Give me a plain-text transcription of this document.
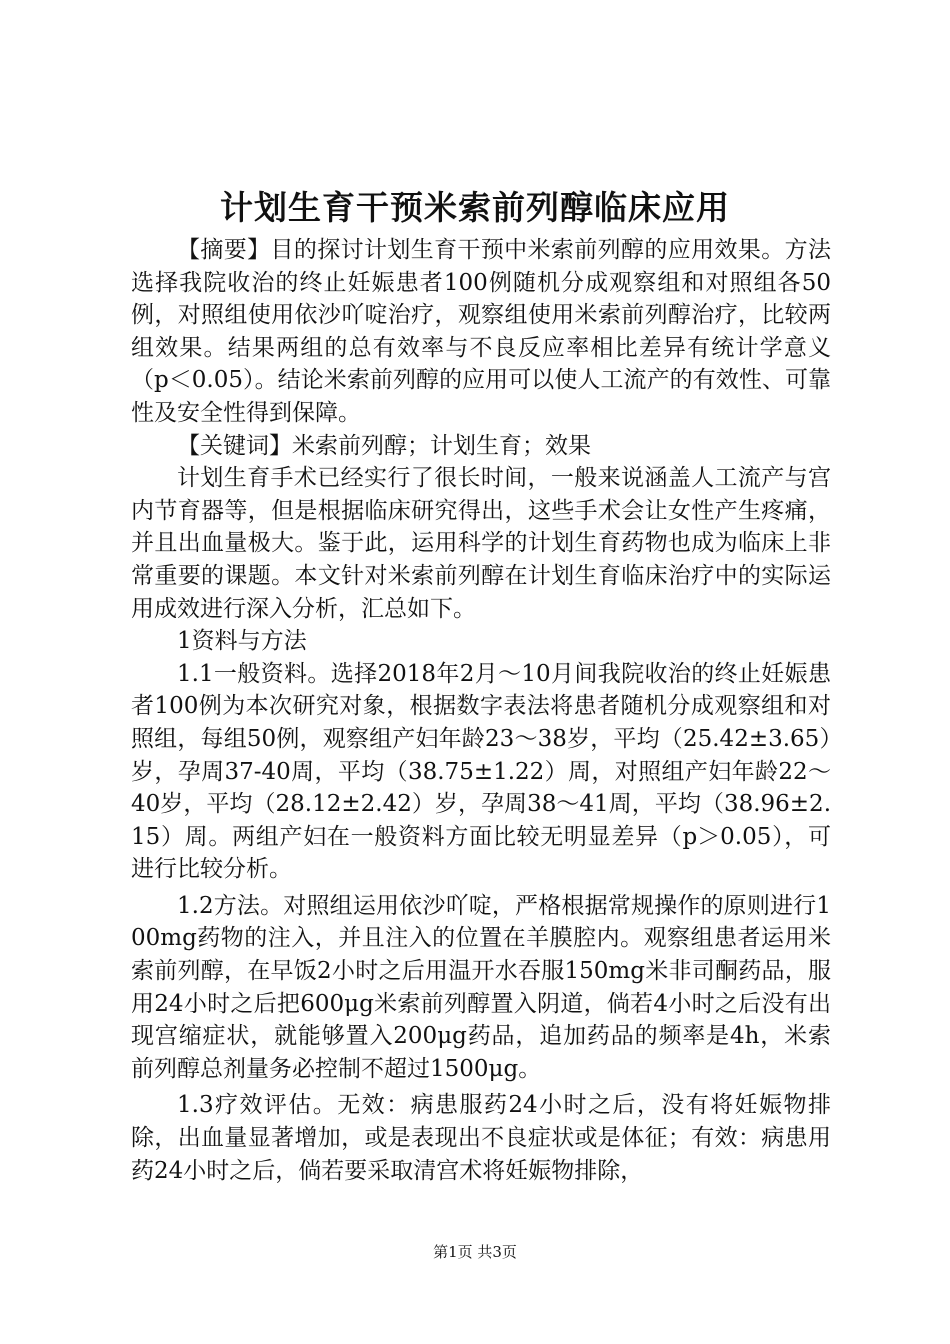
计划生育干预米索前列醇临床应用

【摘要】目的探讨计划生育干预中米索前列醇的应用效果。方法选择我院收治的终止妊娠患者100例随机分成观察组和对照组各50例，对照组使用依沙吖啶治疗，观察组使用米索前列醇治疗，比较两组效果。结果两组的总有效率与不良反应率相比差异有统计学意义（p＜0.05）。结论米索前列醇的应用可以使人工流产的有效性、可靠性及安全性得到保障。

【关键词】米索前列醇；计划生育；效果

计划生育手术已经实行了很长时间，一般来说涵盖人工流产与宫内节育器等，但是根据临床研究得出，这些手术会让女性产生疼痛，并且出血量极大。鉴于此，运用科学的计划生育药物也成为临床上非常重要的课题。本文针对米索前列醇在计划生育临床治疗中的实际运用成效进行深入分析，汇总如下。

1资料与方法

1.1一般资料。选择2018年2月～10月间我院收治的终止妊娠患者100例为本次研究对象，根据数字表法将患者随机分成观察组和对照组，每组50例，观察组产妇年龄23～38岁，平均（25.42±3.65）岁，孕周37-40周，平均（38.75±1.22）周，对照组产妇年龄22～40岁，平均（28.12±2.42）岁，孕周38～41周，平均（38.96±2.15）周。两组产妇在一般资料方面比较无明显差异（p＞0.05），可进行比较分析。

1.2方法。对照组运用依沙吖啶，严格根据常规操作的原则进行100mg药物的注入，并且注入的位置在羊膜腔内。观察组患者运用米索前列醇，在早饭2小时之后用温开水吞服150mg米非司酮药品，服用24小时之后把600μg米索前列醇置入阴道，倘若4小时之后没有出现宫缩症状，就能够置入200μg药品，追加药品的频率是4h，米索前列醇总剂量务必控制不超过1500μg。

1.3疗效评估。无效：病患服药24小时之后，没有将妊娠物排除，出血量显著增加，或是表现出不良症状或是体征；有效：病患用药24小时之后，倘若要采取清宫术将妊娠物排除，

第1页 共3页
